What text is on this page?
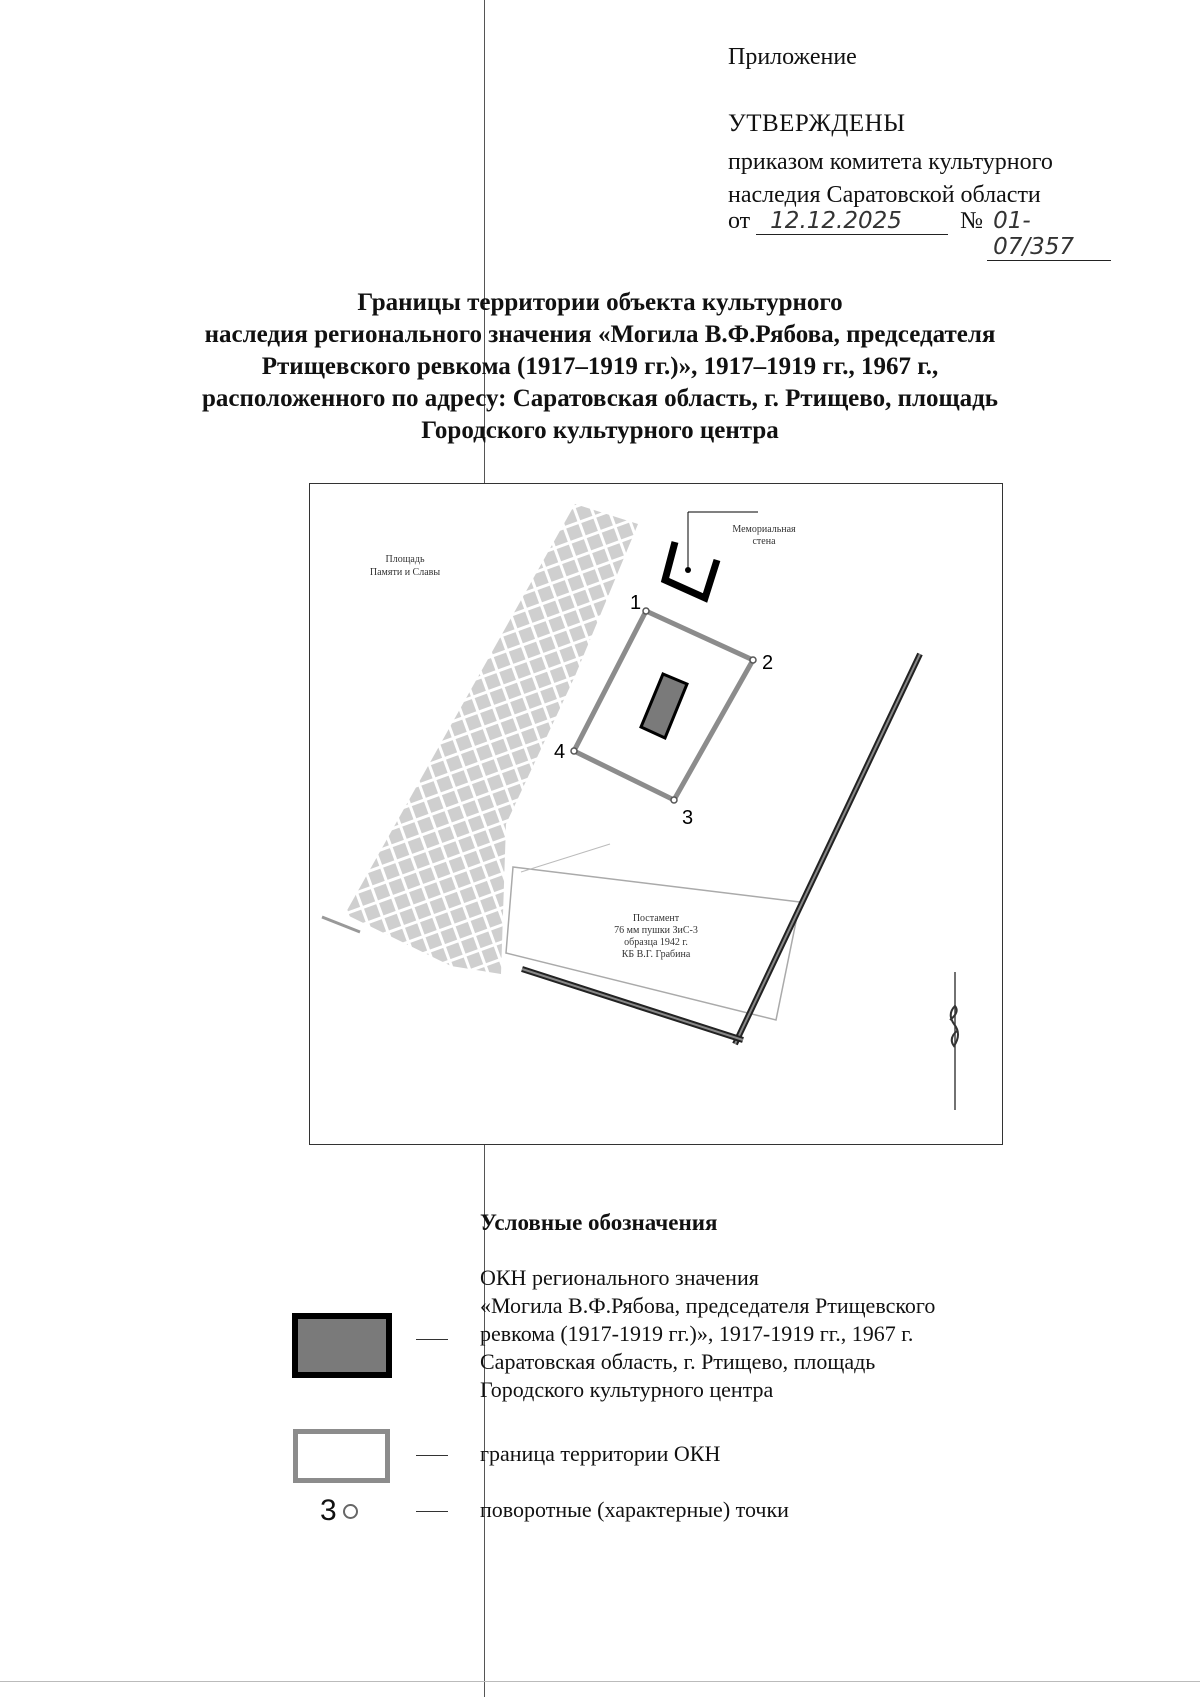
Приложение
УТВЕРЖДЕНЫ
приказом комитета культурного
наследия Саратовской области
от 12.12.2025	№ 01-07/357
Границы территории объекта культурного
наследия регионального значения «Могила В.Ф.Рябова, председателя
Ртищевского ревкома (1917–1919 гг.)», 1917–1919 гг., 1967 г.,
расположенного по адресу: Саратовская область, г. Ртищево, площадь
Городского культурного центра
1
2
3
4
Площадь
Памяти и Славы
Мемориальная
стена
Постамент
76 мм пушки ЗиС-3
образца 1942 г.
КБ В.Г. Грабина
Условные обозначения
ОКН регионального значения
«Могила В.Ф.Рябова, председателя Ртищевского
ревкома (1917-1919 гг.)», 1917-1919 гг., 1967 г.
Саратовская область, г. Ртищево, площадь
Городского культурного центра
граница территории ОКН
3	поворотные (характерные) точки
